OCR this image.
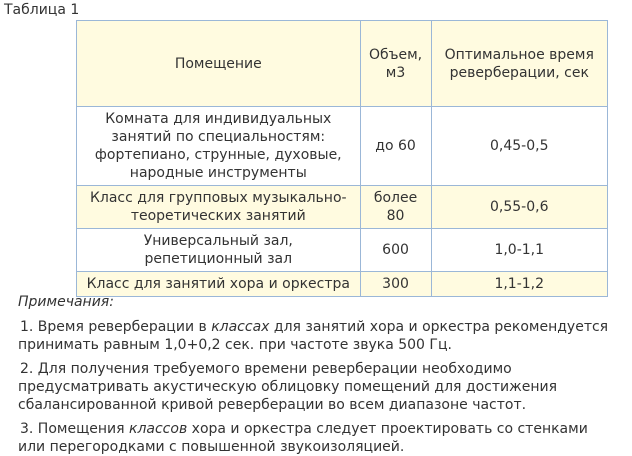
Таблица 1
Помещение	Объем, м3	Оптимальное время реверберации, сек
Комната для индивидуальных занятий по специальностям: фортепиано, струнные, духовые, народные инструменты	до 60	0,45-0,5
Класс для групповых музыкально-теоретических занятий	более 80	0,55-0,6
Универсальный зал, репетиционный зал	600	1,0-1,1
Класс для занятий хора и оркестра	300	1,1-1,2
Примечания:
1. Время реверберации в классах для занятий хора и оркестра рекомендуется принимать равным 1,0+0,2 сек. при частоте звука 500 Гц.
2. Для получения требуемого времени реверберации необходимо предусматривать акустическую облицовку помещений для достижения сбалансированной кривой реверберации во всем диапазоне частот.
3. Помещения классов хора и оркестра следует проектировать со стенками или перегородками с повышенной звукоизоляцией.
